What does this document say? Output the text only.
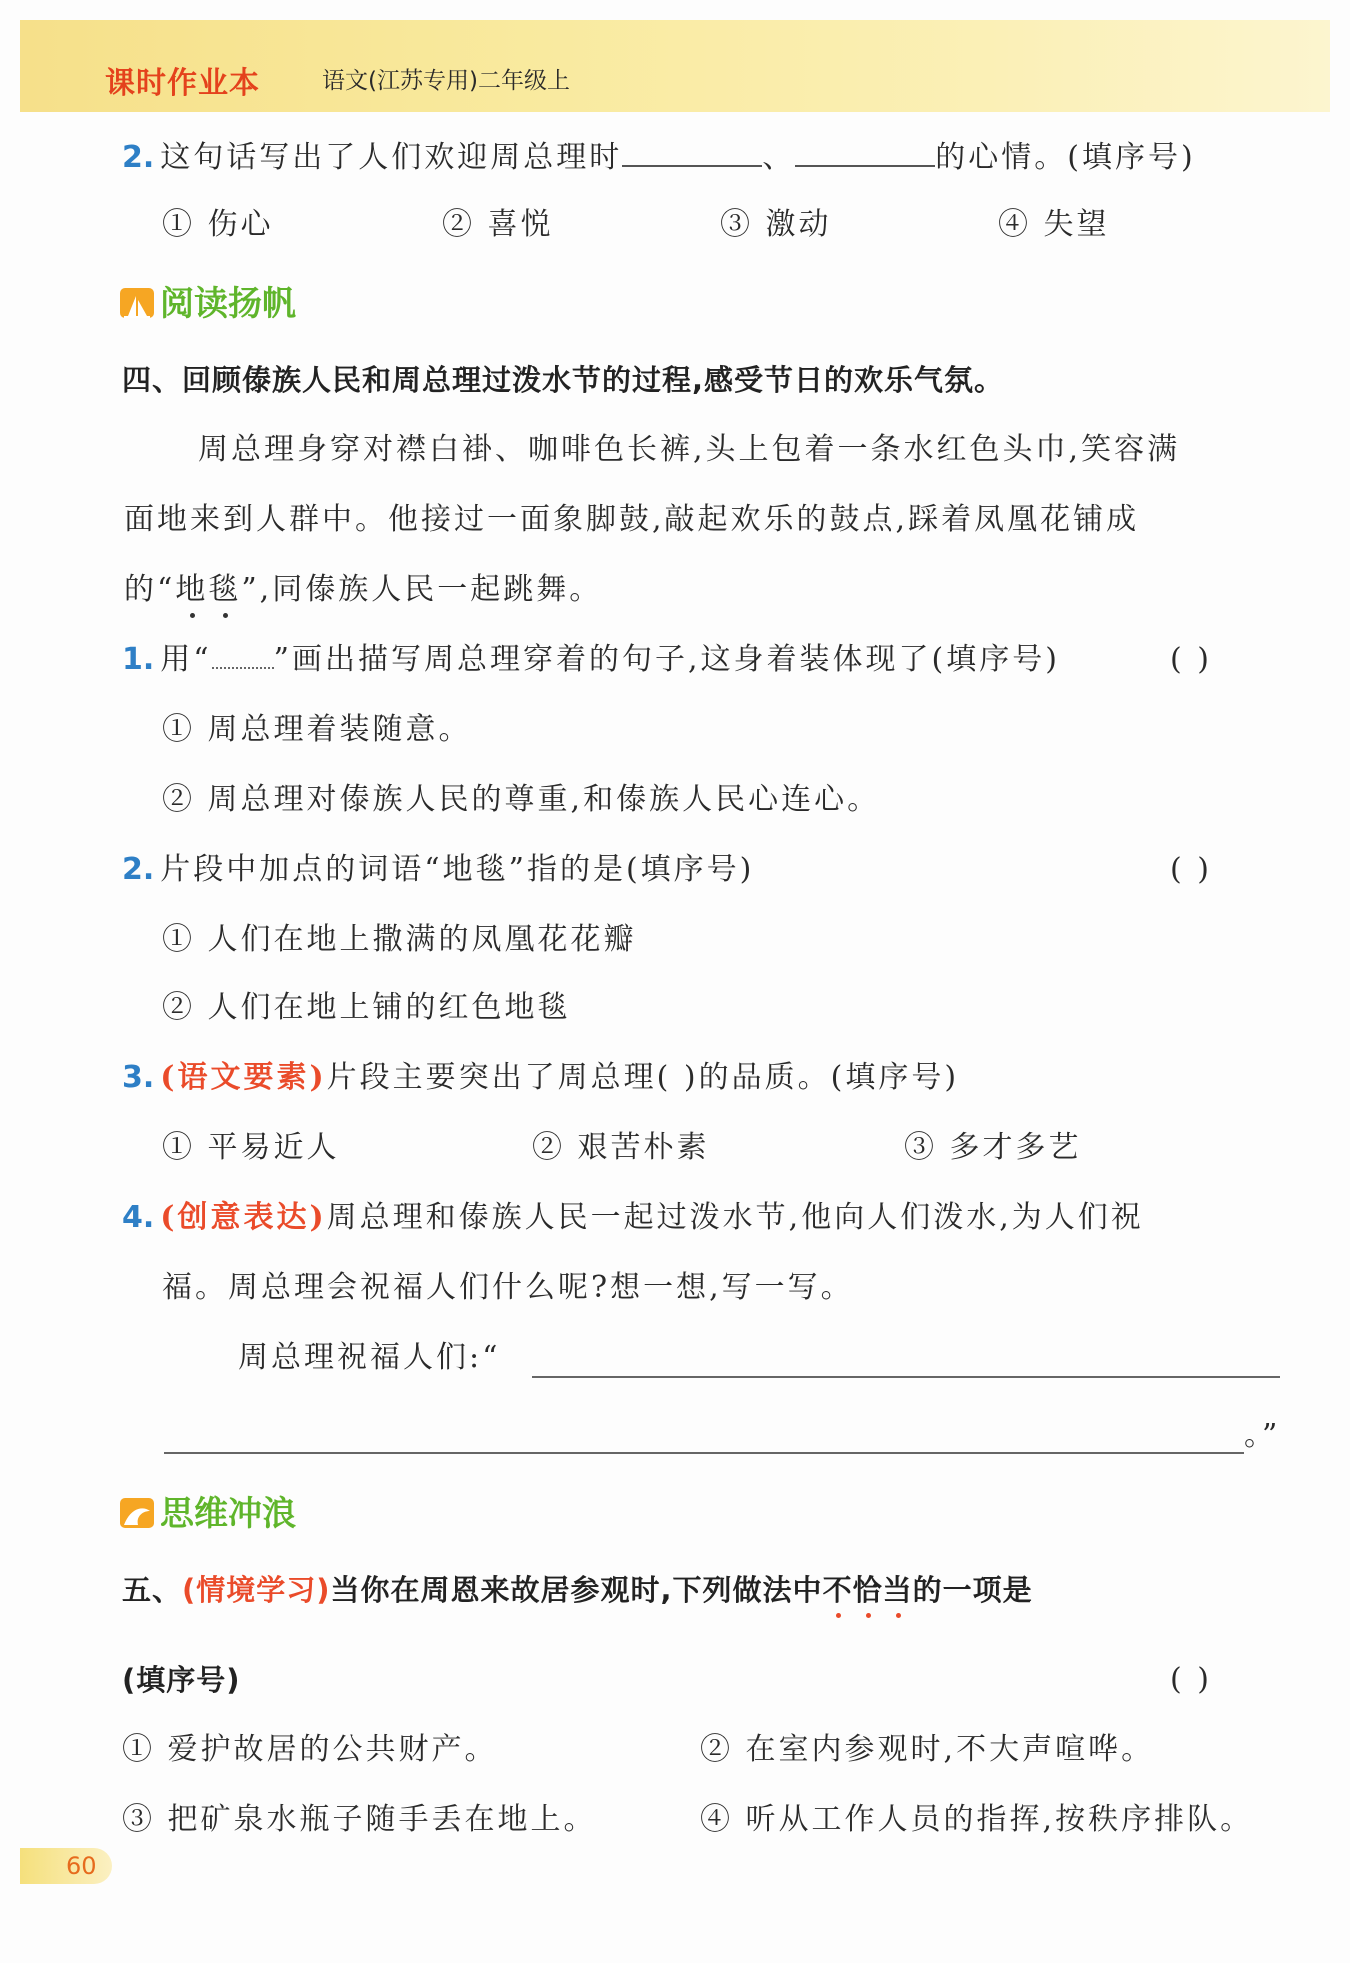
课时作业本	语文(江苏专用)二年级上
2. 这句话写出了人们欢迎周总理时	、	的心情。(填序号)
① 伤心	② 喜悦	③ 激动	④ 失望
阅读扬帆
四、回顾傣族人民和周总理过泼水节的过程,感受节日的欢乐气氛。
周总理身穿对襟白褂、咖啡色长裤,头上包着一条水红色头巾,笑容满
面地来到人群中。他接过一面象脚鼓,敲起欢乐的鼓点,踩着凤凰花铺成
的“地毯”,同傣族人民一起跳舞。
1. 用“ ”画出描写周总理穿着的句子,这身着装体现了(填序号)	( )
① 周总理着装随意。
② 周总理对傣族人民的尊重,和傣族人民心连心。
2. 片段中加点的词语“地毯”指的是(填序号)	( )
① 人们在地上撒满的凤凰花花瓣
② 人们在地上铺的红色地毯
3. (语文要素)片段主要突出了周总理( )的品质。(填序号)
① 平易近人	② 艰苦朴素	③ 多才多艺
4. (创意表达)周总理和傣族人民一起过泼水节,他向人们泼水,为人们祝
福。周总理会祝福人们什么呢?想一想,写一写。
周总理祝福人们:“
。”
思维冲浪
五、(情境学习)当你在周恩来故居参观时,下列做法中不恰当的一项是
(填序号)	( )
① 爱护故居的公共财产。	② 在室内参观时,不大声喧哗。
③ 把矿泉水瓶子随手丢在地上。	④ 听从工作人员的指挥,按秩序排队。
60
